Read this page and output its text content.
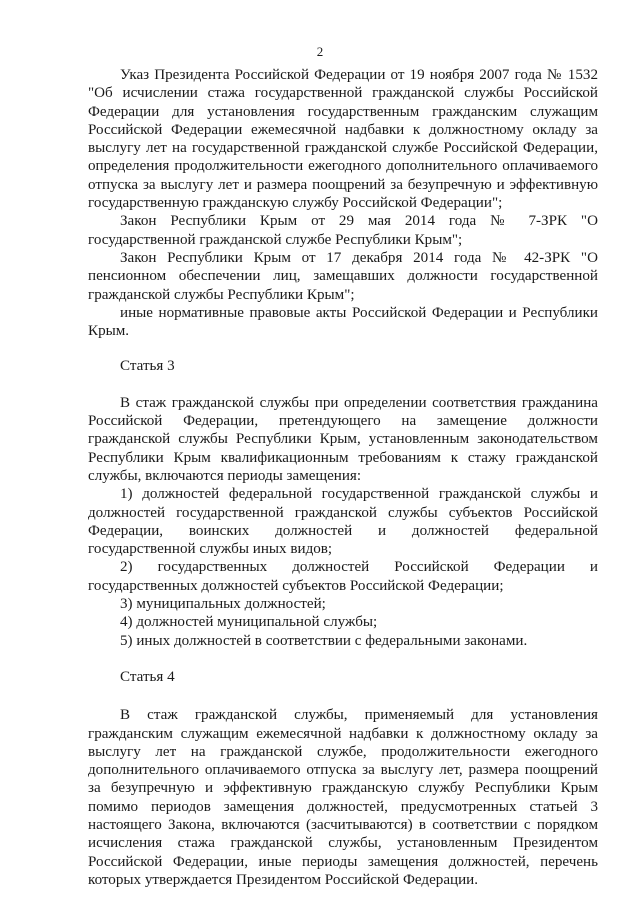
2

Указ Президента Российской Федерации от 19 ноября 2007 года № 1532 "Об исчислении стажа государственной гражданской службы Российской Федерации для установления государственным гражданским служащим Российской Федерации ежемесячной надбавки к должностному окладу за выслугу лет на государственной гражданской службе Российской Федерации, определения продолжительности ежегодного дополнительного оплачиваемого отпуска за выслугу лет и размера поощрений за безупречную и эффективную государственную гражданскую службу Российской Федерации";

Закон Республики Крым от 29 мая 2014 года № 7-ЗРК "О государственной гражданской службе Республики Крым";

Закон Республики Крым от 17 декабря 2014 года № 42-ЗРК "О пенсионном обеспечении лиц, замещавших должности государственной гражданской службы Республики Крым";

иные нормативные правовые акты Российской Федерации и Республики Крым.

Статья 3

В стаж гражданской службы при определении соответствия гражданина Российской Федерации, претендующего на замещение должности гражданской службы Республики Крым, установленным законодательством Республики Крым квалификационным требованиям к стажу гражданской службы, включаются периоды замещения:

1) должностей федеральной государственной гражданской службы и должностей государственной гражданской службы субъектов Российской Федерации, воинских должностей и должностей федеральной государственной службы иных видов;

2) государственных должностей Российской Федерации и государственных должностей субъектов Российской Федерации;

3) муниципальных должностей;

4) должностей муниципальной службы;

5) иных должностей в соответствии с федеральными законами.

Статья 4

В стаж гражданской службы, применяемый для установления гражданским служащим ежемесячной надбавки к должностному окладу за выслугу лет на гражданской службе, продолжительности ежегодного дополнительного оплачиваемого отпуска за выслугу лет, размера поощрений за безупречную и эффективную гражданскую службу Республики Крым помимо периодов замещения должностей, предусмотренных статьей 3 настоящего Закона, включаются (засчитываются) в соответствии с порядком исчисления стажа гражданской службы, установленным Президентом Российской Федерации, иные периоды замещения должностей, перечень которых утверждается Президентом Российской Федерации.
